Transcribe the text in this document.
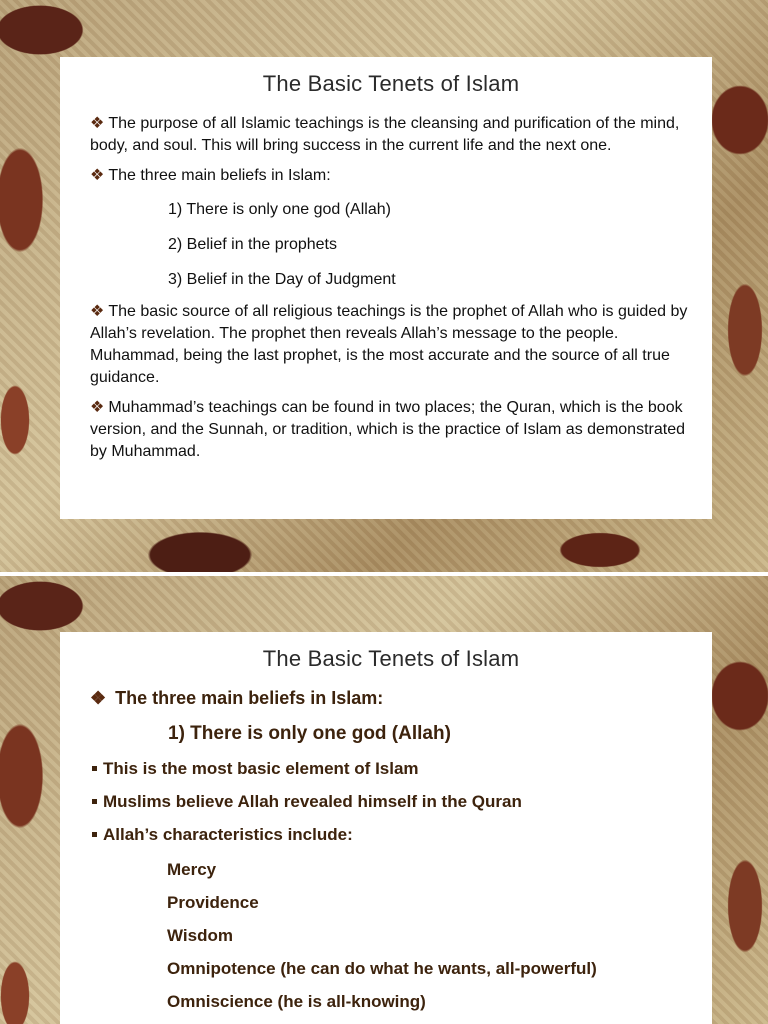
The Basic Tenets of Islam

❖ The purpose of all Islamic teachings is the cleansing and purification of the mind, body, and soul. This will bring success in the current life and the next one.

❖ The three main beliefs in Islam:

1) There is only one god (Allah)
2) Belief in the prophets
3) Belief in the Day of Judgment

❖ The basic source of all religious teachings is the prophet of Allah who is guided by Allah’s revelation. The prophet then reveals Allah’s message to the people. Muhammad, being the last prophet, is the most accurate and the source of all true guidance.

❖ Muhammad’s teachings can be found in two places; the Quran, which is the book version, and the Sunnah, or tradition, which is the practice of Islam as demonstrated by Muhammad.

The Basic Tenets of Islam
❖ The three main beliefs in Islam:
1) There is only one god (Allah)
This is the most basic element of Islam
Muslims believe Allah revealed himself in the Quran
Allah’s characteristics include:
Mercy
Providence
Wisdom
Omnipotence (he can do what he wants, all-powerful)
Omniscience (he is all-knowing)
